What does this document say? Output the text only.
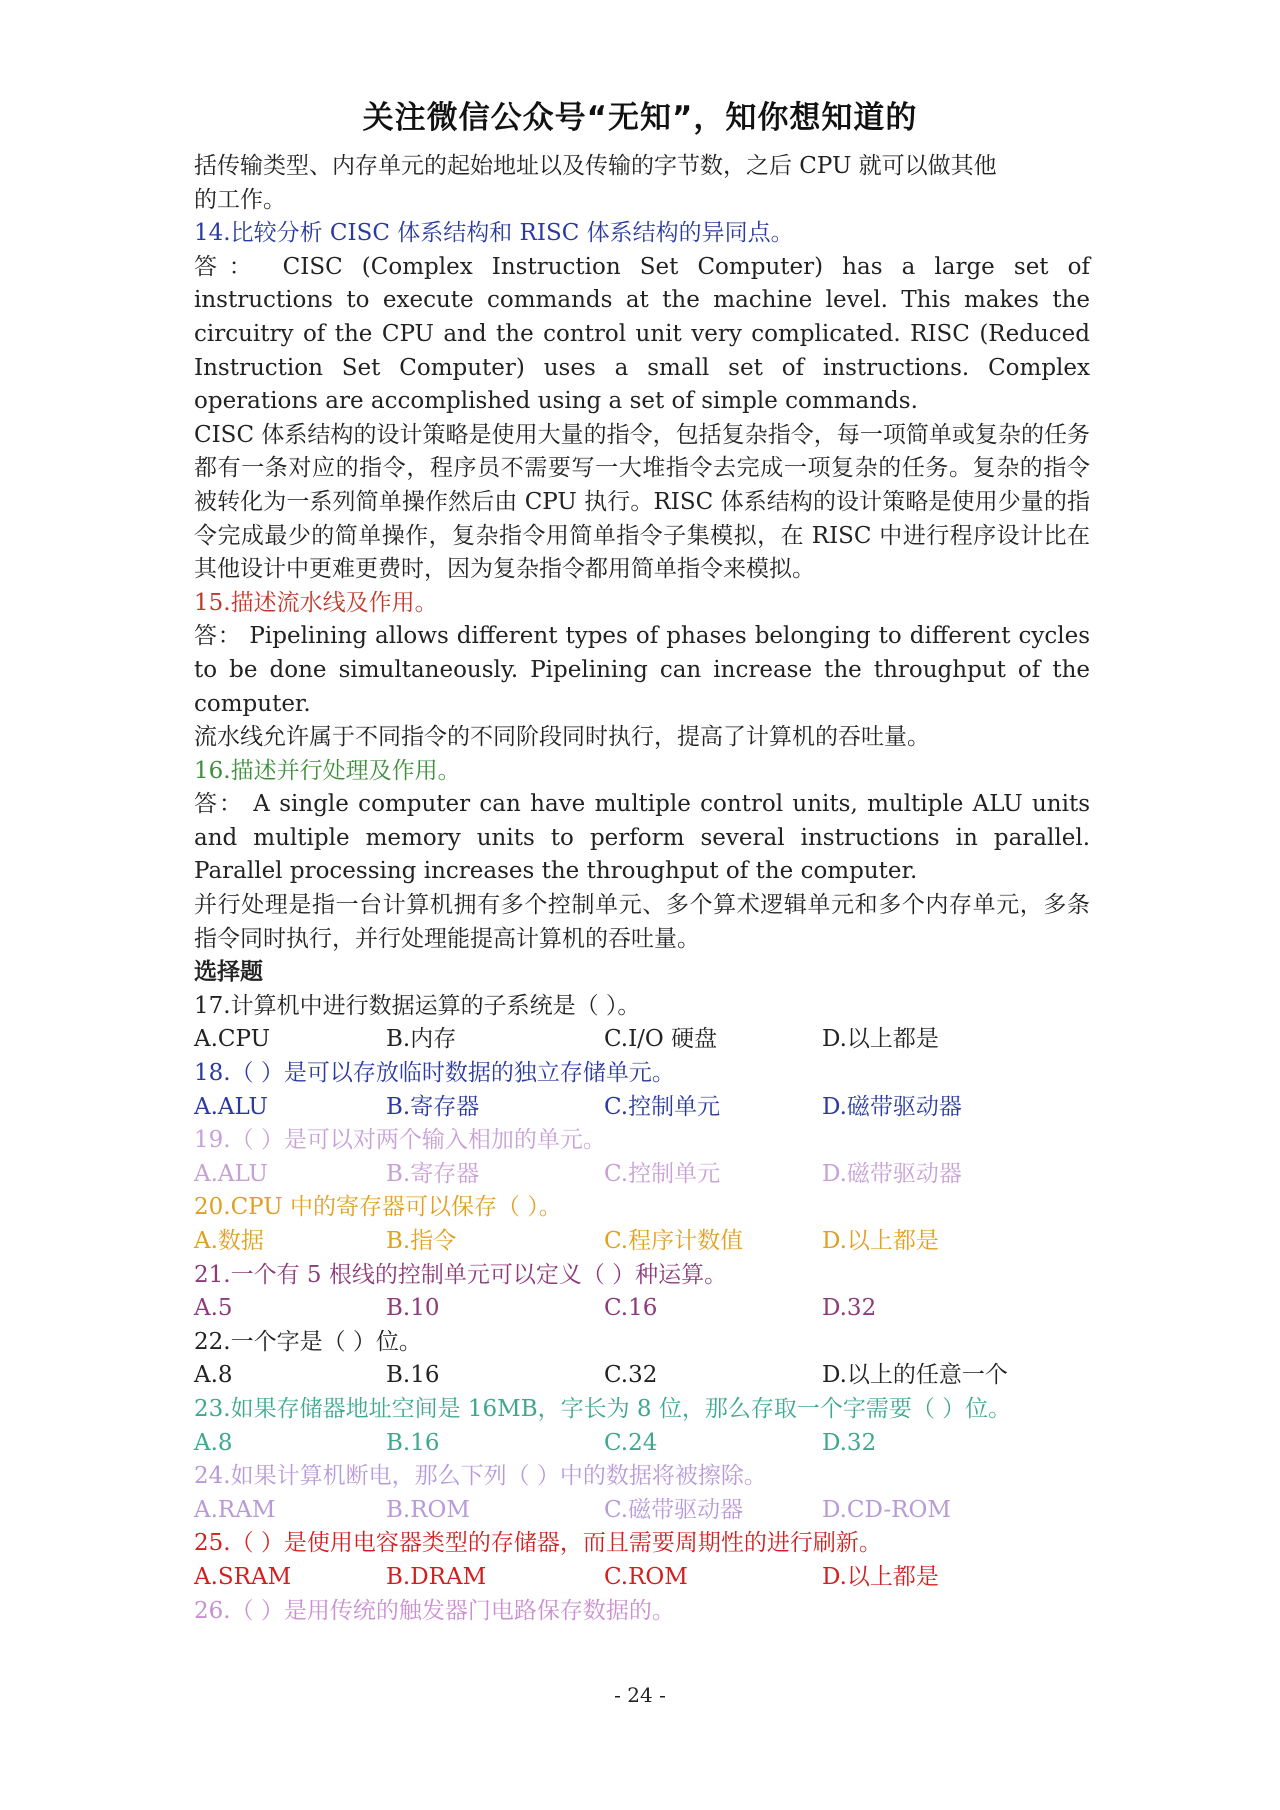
关注微信公众号“无知”，知你想知道的
括传输类型、内存单元的起始地址以及传输的字节数，之后 CPU 就可以做其他
的工作。
14.比较分析 CISC 体系结构和 RISC 体系结构的异同点。

答： CISC (Complex Instruction Set Computer) has a large set of instructions to execute commands at the machine level. This makes the circuitry of the CPU and the control unit very complicated. RISC (Reduced Instruction Set Computer) uses a small set of instructions. Complex operations are accomplished using a set of simple commands.

CISC 体系结构的设计策略是使用大量的指令，包括复杂指令，每一项简单或复杂的任务都有一条对应的指令，程序员不需要写一大堆指令去完成一项复杂的任务。复杂的指令被转化为一系列简单操作然后由 CPU 执行。RISC 体系结构的设计策略是使用少量的指令完成最少的简单操作，复杂指令用简单指令子集模拟，在 RISC 中进行程序设计比在其他设计中更难更费时，因为复杂指令都用简单指令来模拟。

15.描述流水线及作用。

答： Pipelining allows different types of phases belonging to different cycles to be done simultaneously. Pipelining can increase the throughput of the computer.

流水线允许属于不同指令的不同阶段同时执行，提高了计算机的吞吐量。

16.描述并行处理及作用。

答： A single computer can have multiple control units, multiple ALU units and multiple memory units to perform several instructions in parallel. Parallel processing increases the throughput of the computer.

并行处理是指一台计算机拥有多个控制单元、多个算术逻辑单元和多个内存单元，多条指令同时执行，并行处理能提高计算机的吞吐量。

选择题
17.计算机中进行数据运算的子系统是（ ）。
A.CPU	B.内存	C.I/O 硬盘	D.以上都是
18.（ ）是可以存放临时数据的独立存储单元。
A.ALU	B.寄存器	C.控制单元	D.磁带驱动器
19.（ ）是可以对两个输入相加的单元。
A.ALU	B.寄存器	C.控制单元	D.磁带驱动器
20.CPU 中的寄存器可以保存（ ）。
A.数据	B.指令	C.程序计数值	D.以上都是
21.一个有 5 根线的控制单元可以定义（ ）种运算。
A.5	B.10	C.16	D.32
22.一个字是（ ）位。
A.8	B.16	C.32	D.以上的任意一个
23.如果存储器地址空间是 16MB，字长为 8 位，那么存取一个字需要（ ）位。
A.8	B.16	C.24	D.32
24.如果计算机断电，那么下列（ ）中的数据将被擦除。
A.RAM	B.ROM	C.磁带驱动器	D.CD-ROM
25.（ ）是使用电容器类型的存储器，而且需要周期性的进行刷新。
A.SRAM	B.DRAM	C.ROM	D.以上都是
26.（ ）是用传统的触发器门电路保存数据的。
- 24 -
